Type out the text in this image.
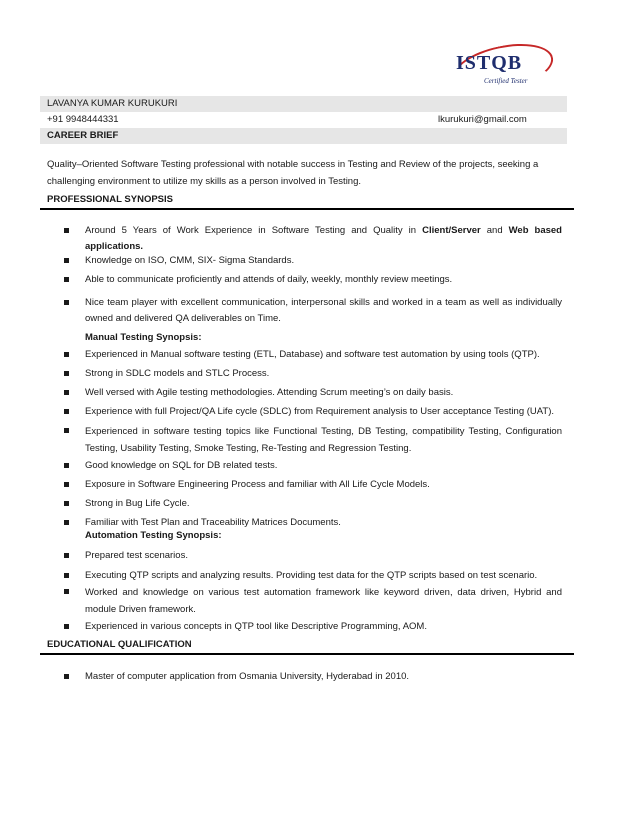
ISTQB
Certified Tester
LAVANYA KUMAR KURUKURI
+91 9948444331	lkurukuri@gmail.com
CAREER BRIEF
Quality–Oriented Software Testing professional with notable success in Testing and Review of the projects, seeking a challenging environment to utilize my skills as a person involved in Testing.
PROFESSIONAL SYNOPSIS
Around 5 Years of Work Experience in Software Testing and Quality in Client/Server and Web based applications.
Knowledge on ISO, CMM, SIX- Sigma Standards.
Able to communicate proficiently and attends of daily, weekly, monthly review meetings.
Nice team player with excellent communication, interpersonal skills and worked in a team as well as individually owned and delivered QA deliverables on Time.
Manual Testing Synopsis:
Experienced in Manual software testing (ETL, Database) and software test automation by using tools (QTP).
Strong in SDLC models and STLC Process.
Well versed with Agile testing methodologies. Attending Scrum meeting’s on daily basis.
Experience with full Project/QA Life cycle (SDLC) from Requirement analysis to User acceptance Testing (UAT).
Experienced in software testing topics like Functional Testing, DB Testing, compatibility Testing, Configuration Testing, Usability Testing, Smoke Testing, Re-Testing and Regression Testing.
Good knowledge on SQL for DB related tests.
Exposure in Software Engineering Process and familiar with All Life Cycle Models.
Strong in Bug Life Cycle.
Familiar with Test Plan and Traceability Matrices Documents.
Automation Testing Synopsis:
Prepared test scenarios.
Executing QTP scripts and analyzing results. Providing test data for the QTP scripts based on test scenario.
Worked and knowledge on various test automation framework like keyword driven, data driven, Hybrid and module Driven framework.
Experienced in various concepts in QTP tool like Descriptive Programming, AOM.
EDUCATIONAL QUALIFICATION
Master of computer application from Osmania University, Hyderabad in 2010.
